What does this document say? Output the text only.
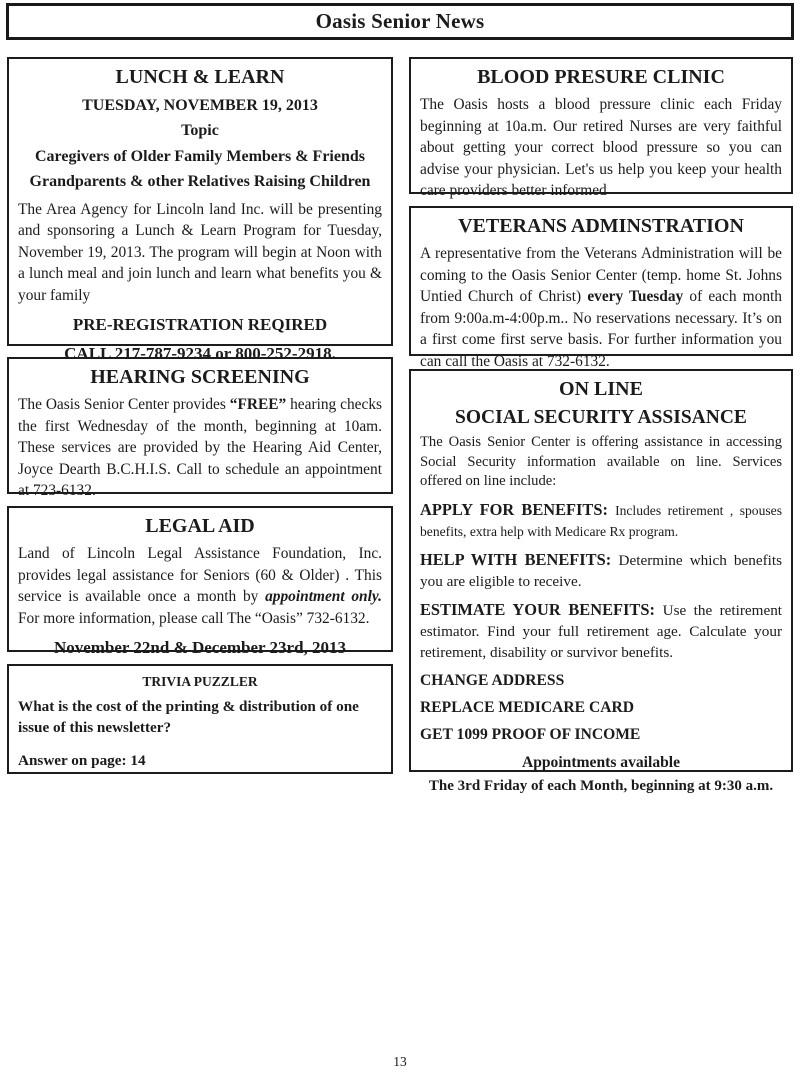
Oasis Senior News
LUNCH & LEARN
TUESDAY, NOVEMBER 19, 2013
Topic
Caregivers of Older Family Members & Friends
Grandparents & other Relatives Raising Children

The Area Agency for Lincoln land Inc. will be presenting and sponsoring a Lunch & Learn Program for Tuesday, November 19, 2013. The program will begin at Noon with a lunch meal and join lunch and learn what benefits you & your family

PRE-REGISTRATION REQIRED
CALL 217-787-9234 or 800-252-2918.
HEARING SCREENING

The Oasis Senior Center provides “FREE” hearing checks the first Wednesday of the month, beginning at 10am. These services are provided by the Hearing Aid Center, Joyce Dearth B.C.H.I.S. Call to schedule an appointment at 723-6132.

LEGAL AID

Land of Lincoln Legal Assistance Foundation, Inc. provides legal assistance for Seniors (60 & Older) . This service is available once a month by appointment only. For more information, please call The “Oasis” 732-6132.

November 22nd & December 23rd, 2013
TRIVIA PUZZLER

What is the cost of the printing & distribution of one issue of this newsletter?

Answer on page: 14

BLOOD PRESURE CLINIC

The Oasis hosts a blood pressure clinic each Friday beginning at 10a.m. Our retired Nurses are very faithful about getting your correct blood pressure so you can advise your physician. Let's us help you keep your health care providers better informed

VETERANS ADMINSTRATION

A representative from the Veterans Administration will be coming to the Oasis Senior Center (temp. home St. Johns Untied Church of Christ) every Tuesday of each month from 9:00a.m-4:00p.m.. No reservations necessary. It’s on a first come first serve basis. For further information you can call the Oasis at 732-6132.

ON LINE
SOCIAL SECURITY ASSISANCE

The Oasis Senior Center is offering assistance in accessing Social Security information available on line. Services offered on line include:

APPLY FOR BENEFITS: Includes retirement , spouses benefits, extra help with Medicare Rx program.

HELP WITH BENEFITS: Determine which benefits you are eligible to receive.

ESTIMATE YOUR BENEFITS: Use the retirement estimator. Find your full retirement age. Calculate your retirement, disability or survivor benefits.

CHANGE ADDRESS
REPLACE MEDICARE CARD
GET 1099 PROOF OF INCOME
Appointments available
The 3rd Friday of each Month, beginning at 9:30 a.m.
13
